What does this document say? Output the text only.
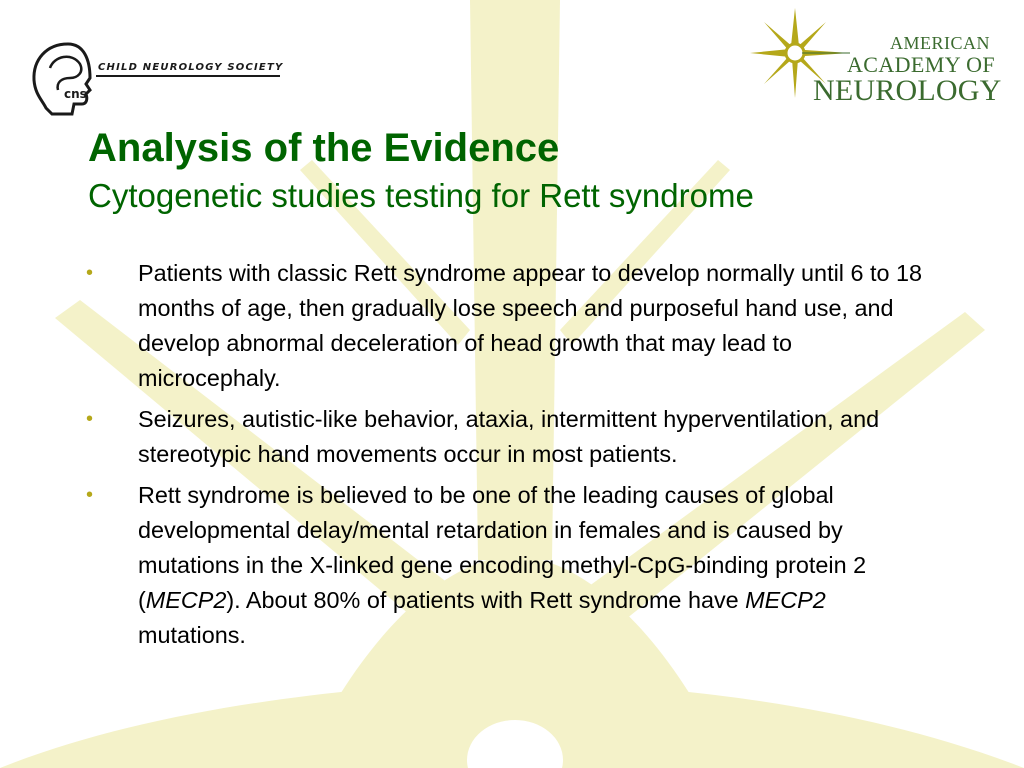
cns
CHILD NEUROLOGY SOCIETY
AMERICAN
ACADEMY OF
NEUROLOGY
Analysis of the Evidence
Cytogenetic studies testing for Rett syndrome
• Patients with classic Rett syndrome appear to develop normally until 6 to 18 months of age, then gradually lose speech and purposeful hand use, and develop abnormal deceleration of head growth that may lead to microcephaly.
• Seizures, autistic-like behavior, ataxia, intermittent hyperventilation, and stereotypic hand movements occur in most patients.
• Rett syndrome is believed to be one of the leading causes of global developmental delay/mental retardation in females and is caused by mutations in the X-linked gene encoding methyl-CpG-binding protein 2 (MECP2). About 80% of patients with Rett syndrome have MECP2 mutations.
